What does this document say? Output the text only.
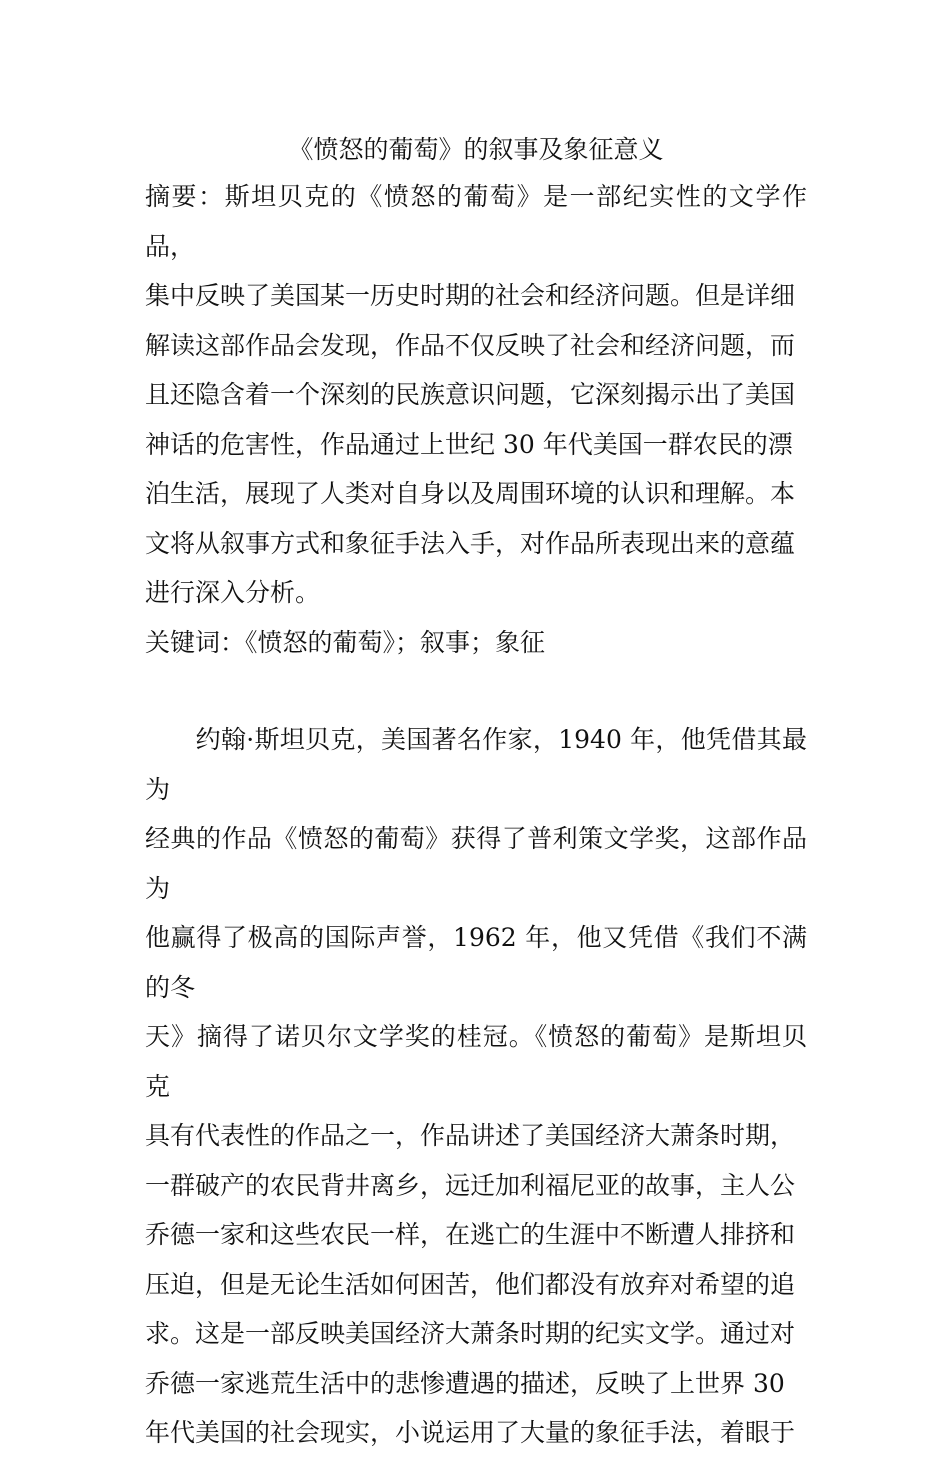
《愤怒的葡萄》的叙事及象征意义

摘要：斯坦贝克的《愤怒的葡萄》是一部纪实性的文学作品，
集中反映了美国某一历史时期的社会和经济问题。但是详细
解读这部作品会发现，作品不仅反映了社会和经济问题，而
且还隐含着一个深刻的民族意识问题，它深刻揭示出了美国
神话的危害性，作品通过上世纪 30 年代美国一群农民的漂
泊生活，展现了人类对自身以及周围环境的认识和理解。本
文将从叙事方式和象征手法入手，对作品所表现出来的意蕴
进行深入分析。

关键词：《愤怒的葡萄》；叙事；象征

　　约翰·斯坦贝克，美国著名作家，1940 年，他凭借其最为
经典的作品《愤怒的葡萄》获得了普利策文学奖，这部作品为
他赢得了极高的国际声誉，1962 年，他又凭借《我们不满的冬
天》摘得了诺贝尔文学奖的桂冠。《愤怒的葡萄》是斯坦贝克
具有代表性的作品之一，作品讲述了美国经济大萧条时期，
一群破产的农民背井离乡，远迁加利福尼亚的故事，主人公
乔德一家和这些农民一样，在逃亡的生涯中不断遭人排挤和
压迫，但是无论生活如何困苦，他们都没有放弃对希望的追
求。这是一部反映美国经济大萧条时期的纪实文学。通过对
乔德一家逃荒生活中的悲惨遭遇的描述，反映了上世界 30
年代美国的社会现实，小说运用了大量的象征手法，着眼于
